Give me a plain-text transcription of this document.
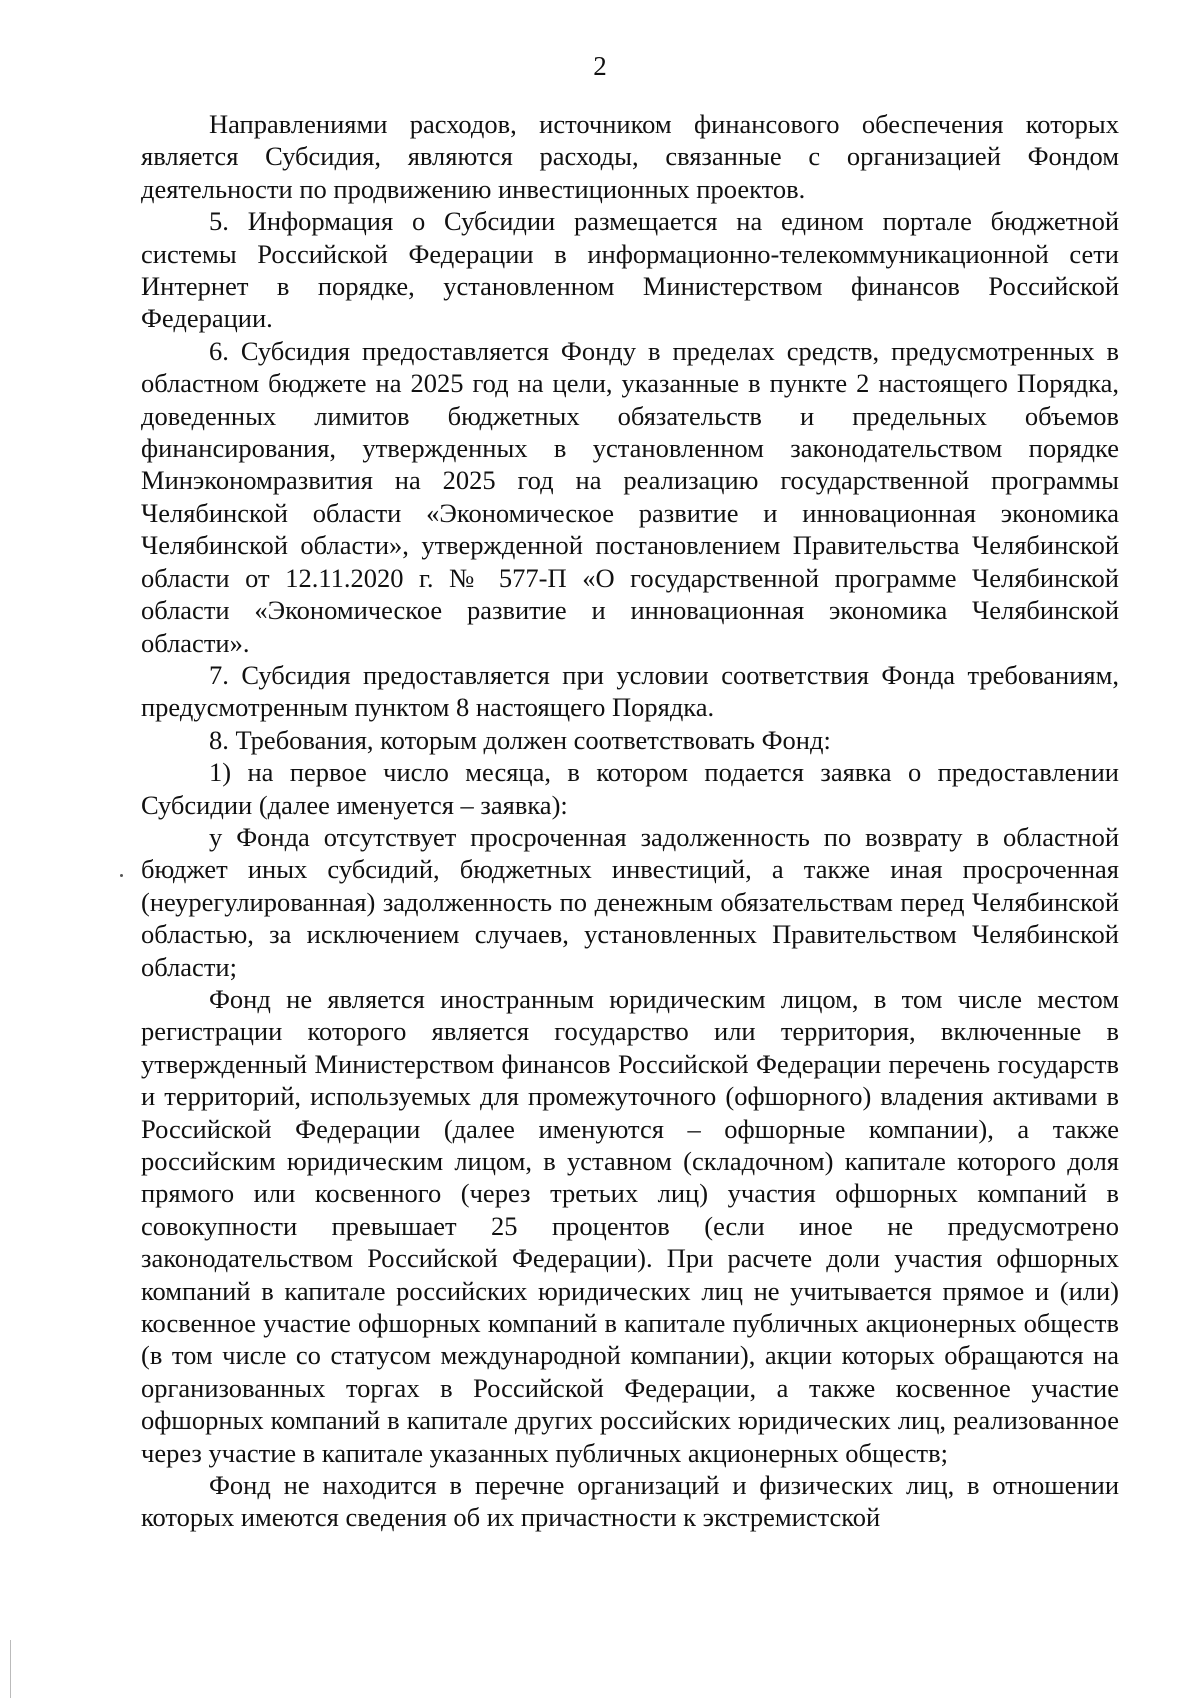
2

Направлениями расходов, источником финансового обеспечения которых является Субсидия, являются расходы, связанные с организацией Фондом деятельности по продвижению инвестиционных проектов.

5. Информация о Субсидии размещается на едином портале бюджетной системы Российской Федерации в информационно-телекоммуникационной сети Интернет в порядке, установленном Министерством финансов Российской Федерации.

6. Субсидия предоставляется Фонду в пределах средств, предусмотренных в областном бюджете на 2025 год на цели, указанные в пункте 2 настоящего Порядка, доведенных лимитов бюджетных обязательств и предельных объемов финансирования, утвержденных в установленном законодательством порядке Минэкономразвития на 2025 год на реализацию государственной программы Челябинской области «Экономическое развитие и инновационная экономика Челябинской области», утвержденной постановлением Правительства Челябинской области от 12.11.2020 г. № 577-П «О государственной программе Челябинской области «Экономическое развитие и инновационная экономика Челябинской области».

7. Субсидия предоставляется при условии соответствия Фонда требованиям, предусмотренным пунктом 8 настоящего Порядка.

8. Требования, которым должен соответствовать Фонд:

1) на первое число месяца, в котором подается заявка о предоставлении Субсидии (далее именуется – заявка):

у Фонда отсутствует просроченная задолженность по возврату в областной бюджет иных субсидий, бюджетных инвестиций, а также иная просроченная (неурегулированная) задолженность по денежным обязательствам перед Челябинской областью, за исключением случаев, установленных Правительством Челябинской области;

Фонд не является иностранным юридическим лицом, в том числе местом регистрации которого является государство или территория, включенные в утвержденный Министерством финансов Российской Федерации перечень государств и территорий, используемых для промежуточного (офшорного) владения активами в Российской Федерации (далее именуются – офшорные компании), а также российским юридическим лицом, в уставном (складочном) капитале которого доля прямого или косвенного (через третьих лиц) участия офшорных компаний в совокупности превышает 25 процентов (если иное не предусмотрено законодательством Российской Федерации). При расчете доли участия офшорных компаний в капитале российских юридических лиц не учитывается прямое и (или) косвенное участие офшорных компаний в капитале публичных акционерных обществ (в том числе со статусом международной компании), акции которых обращаются на организованных торгах в Российской Федерации, а также косвенное участие офшорных компаний в капитале других российских юридических лиц, реализованное через участие в капитале указанных публичных акционерных обществ;

Фонд не находится в перечне организаций и физических лиц, в отношении которых имеются сведения об их причастности к экстремистской
